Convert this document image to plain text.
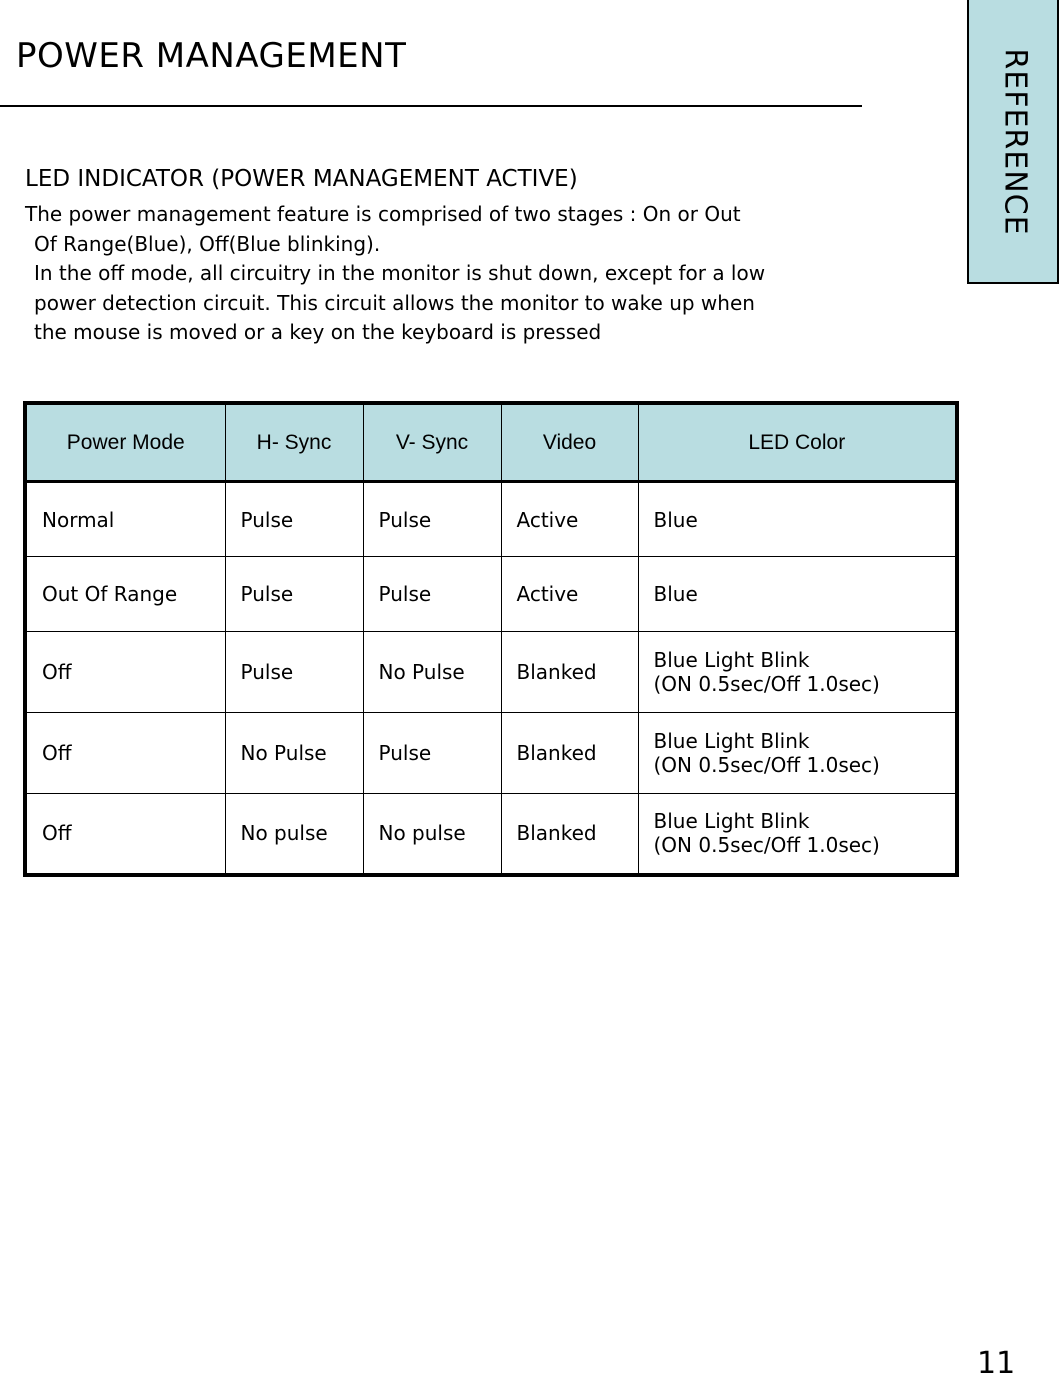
POWER MANAGEMENT	REFERENCE
LED INDICATOR (POWER MANAGEMENT ACTIVE)
The power management feature is comprised of two stages : On or Out
Of Range(Blue), Off(Blue blinking).
In the off mode, all circuitry in the monitor is shut down, except for a low
power detection circuit. This circuit allows the monitor to wake up when
the mouse is moved or a key on the keyboard is pressed
Power Mode	H- Sync	V- Sync	Video	LED Color
Normal	Pulse	Pulse	Active	Blue
Out Of Range	Pulse	Pulse	Active	Blue
Off	Pulse	No Pulse	Blanked	Blue Light Blink
(ON 0.5sec/Off 1.0sec)

Off	No Pulse	Pulse	Blanked	Blue Light Blink
(ON 0.5sec/Off 1.0sec)

Off	No pulse	No pulse	Blanked	Blue Light Blink
(ON 0.5sec/Off 1.0sec)
11
